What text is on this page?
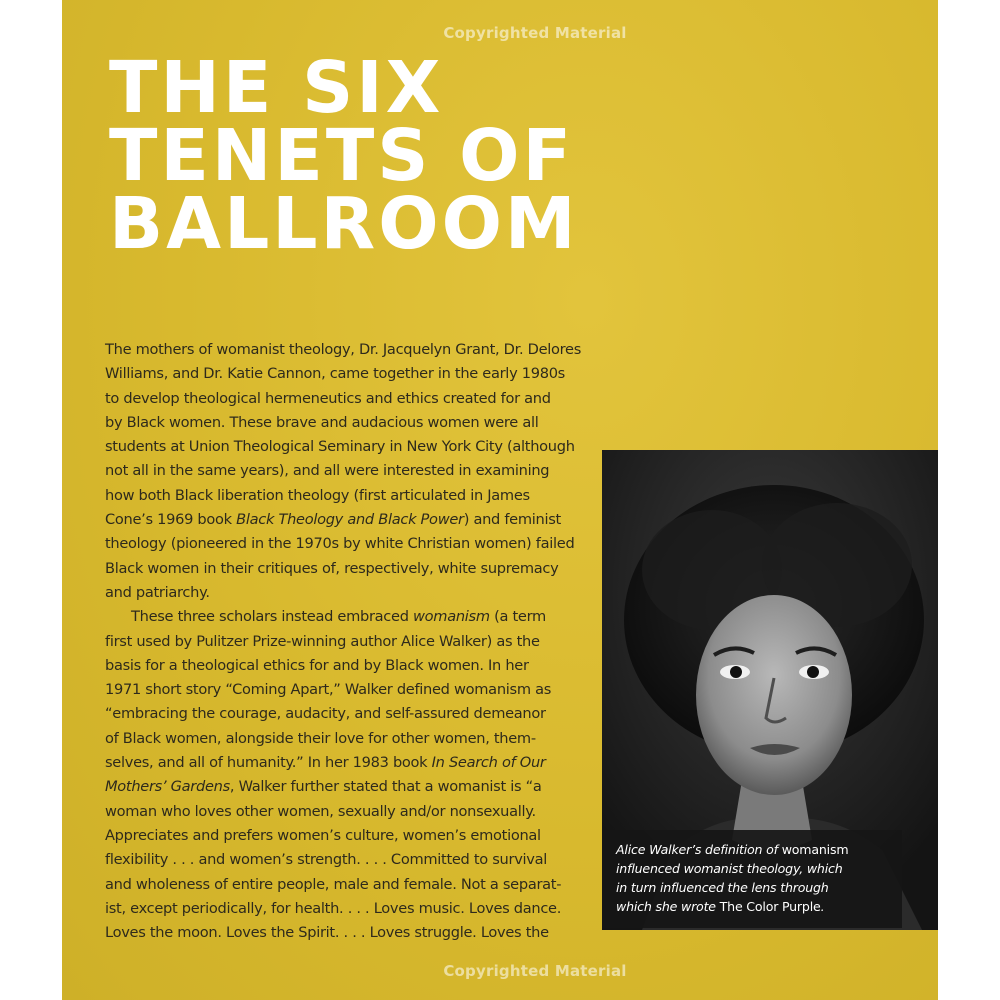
Copyrighted Material
THE SIX
TENETS OF
BALLROOM
The mothers of womanist theology, Dr. Jacquelyn Grant, Dr. Delores
Williams, and Dr. Katie Cannon, came together in the early 1980s
to develop theological hermeneutics and ethics created for and
by Black women. These brave and audacious women were all
students at Union Theological Seminary in New York City (although
not all in the same years), and all were interested in examining
how both Black liberation theology (first articulated in James
Cone’s 1969 book Black Theology and Black Power) and feminist
theology (pioneered in the 1970s by white Christian women) failed
Black women in their critiques of, respectively, white supremacy
and patriarchy.
These three scholars instead embraced womanism (a term
first used by Pulitzer Prize-winning author Alice Walker) as the
basis for a theological ethics for and by Black women. In her
1971 short story “Coming Apart,” Walker defined womanism as
“embracing the courage, audacity, and self-assured demeanor
of Black women, alongside their love for other women, them-
selves, and all of humanity.” In her 1983 book In Search of Our
Mothers’ Gardens, Walker further stated that a womanist is “a
woman who loves other women, sexually and/or nonsexually.
Appreciates and prefers women’s culture, women’s emotional
flexibility . . . and women’s strength. . . . Committed to survival
and wholeness of entire people, male and female. Not a separat-
ist, except periodically, for health. . . . Loves music. Loves dance.
Loves the moon. Loves the Spirit. . . . Loves struggle. Loves the
Alice Walker’s definition of womanism
influenced womanist theology, which
in turn influenced the lens through
which she wrote The Color Purple.
Copyrighted Material
